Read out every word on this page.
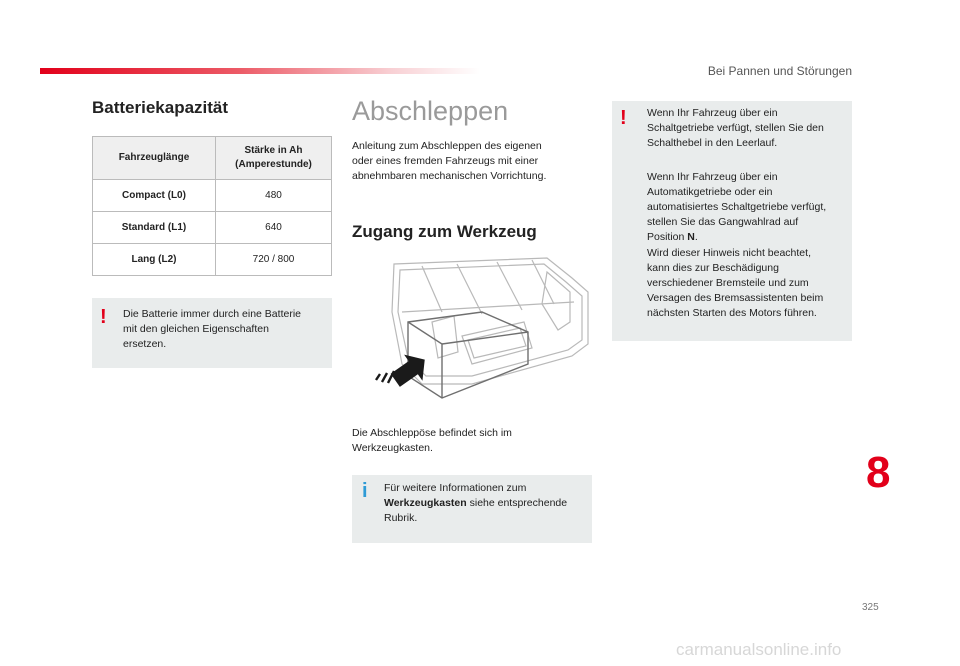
Bei Pannen und Störungen
Batteriekapazität
Fahrzeuglänge	Stärke in Ah
(Amperestunde)
Compact (L0)	480
Standard (L1)	640
Lang (L2)	720 / 800
! Die Batterie immer durch eine Batterie
mit den gleichen Eigenschaften
ersetzen.

Abschleppen

Anleitung zum Abschleppen des eigenen
oder eines fremden Fahrzeugs mit einer
abnehmbaren mechanischen Vorrichtung.

Zugang zum Werkzeug

Die Abschleppöse befindet sich im
Werkzeugkasten.

i Für weitere Informationen zum
Werkzeugkasten siehe entsprechende
Rubrik.

! Wenn Ihr Fahrzeug über ein
Schaltgetriebe verfügt, stellen Sie den
Schalthebel in den Leerlauf.

Wenn Ihr Fahrzeug über ein
Automatikgetriebe oder ein
automatisiertes Schaltgetriebe verfügt,
stellen Sie das Gangwahlrad auf
Position N.

Wird dieser Hinweis nicht beachtet,
kann dies zur Beschädigung
verschiedener Bremsteile und zum
Versagen des Bremsassistenten beim
nächsten Starten des Motors führen.

8
325
carmanualsonline.info
